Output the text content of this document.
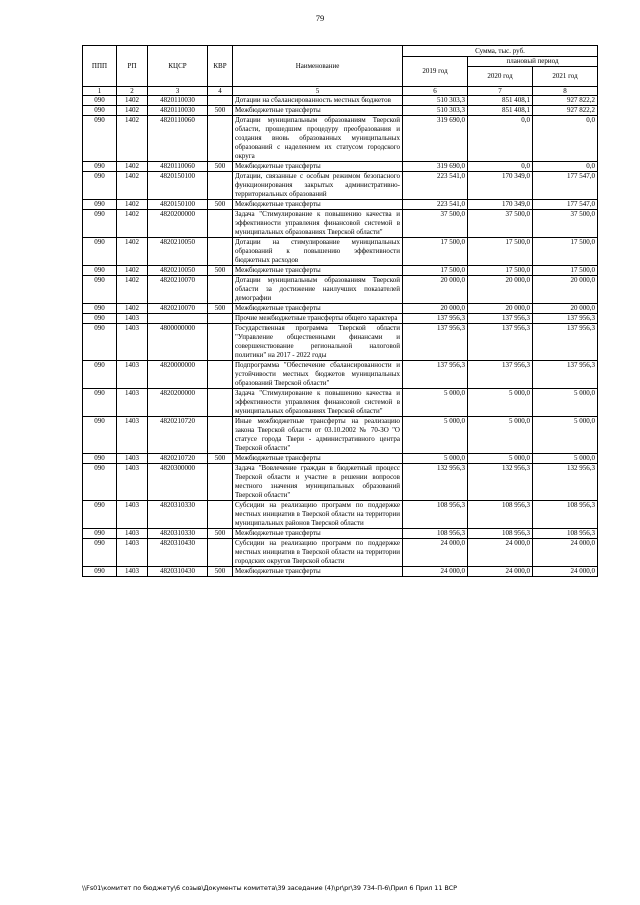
79
ППП	РП	КЦСР	КВР	Наименование	Сумма, тыс. руб.		
					2019 год	плановый период	
						2020 год	2021 год
1	2	3	4	5	6	7	8
090	1402	4820110030		Дотации на сбалансированность местных бюджетов	510 303,3	851 408,1	927 822,2
090	1402	4820110030	500	Межбюджетные трансферты	510 303,3	851 408,1	927 822,2
090	1402	4820110060		Дотации муниципальным образованиям Тверской области, прошедшим процедуру преобразования и создания вновь образованных муниципальных образований с наделением их статусом городского округа	319 690,0	0,0	0,0
090	1402	4820110060	500	Межбюджетные трансферты	319 690,0	0,0	0,0
090	1402	4820150100		Дотации, связанные с особым режимом безопасного функционирования закрытых административно-территориальных образований	223 541,0	170 349,0	177 547,0
090	1402	4820150100	500	Межбюджетные трансферты	223 541,0	170 349,0	177 547,0
090	1402	4820200000		Задача "Стимулирование к повышению качества и эффективности управления финансовой системой в муниципальных образованиях Тверской области"	37 500,0	37 500,0	37 500,0
090	1402	4820210050		Дотации на стимулирование муниципальных образований к повышению эффективности бюджетных расходов	17 500,0	17 500,0	17 500,0
090	1402	4820210050	500	Межбюджетные трансферты	17 500,0	17 500,0	17 500,0
090	1402	4820210070		Дотации муниципальным образованиям Тверской области за достижение наилучших показателей демографии	20 000,0	20 000,0	20 000,0
090	1402	4820210070	500	Межбюджетные трансферты	20 000,0	20 000,0	20 000,0
090	1403			Прочие межбюджетные трансферты общего характера	137 956,3	137 956,3	137 956,3
090	1403	4800000000		Государственная программа Тверской области "Управление общественными финансами и совершенствование региональной налоговой политики" на 2017 - 2022 годы	137 956,3	137 956,3	137 956,3
090	1403	4820000000		Подпрограмма "Обеспечение сбалансированности и устойчивости местных бюджетов муниципальных образований Тверской области"	137 956,3	137 956,3	137 956,3
090	1403	4820200000		Задача "Стимулирование к повышению качества и эффективности управления финансовой системой в муниципальных образованиях Тверской области"	5 000,0	5 000,0	5 000,0
090	1403	4820210720		Иные межбюджетные трансферты на реализацию закона Тверской области от 03.10.2002 № 70-ЗО "О статусе города Твери - административного центра Тверской области"	5 000,0	5 000,0	5 000,0
090	1403	4820210720	500	Межбюджетные трансферты	5 000,0	5 000,0	5 000,0
090	1403	4820300000		Задача "Вовлечение граждан в бюджетный процесс Тверской области и участие в решении вопросов местного значения муниципальных образований Тверской области"	132 956,3	132 956,3	132 956,3
090	1403	4820310330		Субсидии на реализацию программ по поддержке местных инициатив в Тверской области на территории муниципальных районов Тверской области	108 956,3	108 956,3	108 956,3
090	1403	4820310330	500	Межбюджетные трансферты	108 956,3	108 956,3	108 956,3
090	1403	4820310430		Субсидии на реализацию программ по поддержке местных инициатив в Тверской области на территории городских округов Тверской области	24 000,0	24 000,0	24 000,0
090	1403	4820310430	500	Межбюджетные трансферты	24 000,0	24 000,0	24 000,0
\\Fs01\комитет по бюджету\6 созыв\Документы комитета\39 заседание (4)\pr\pr\39 734-П-6\Прил 6 Прил 11 ВСР
